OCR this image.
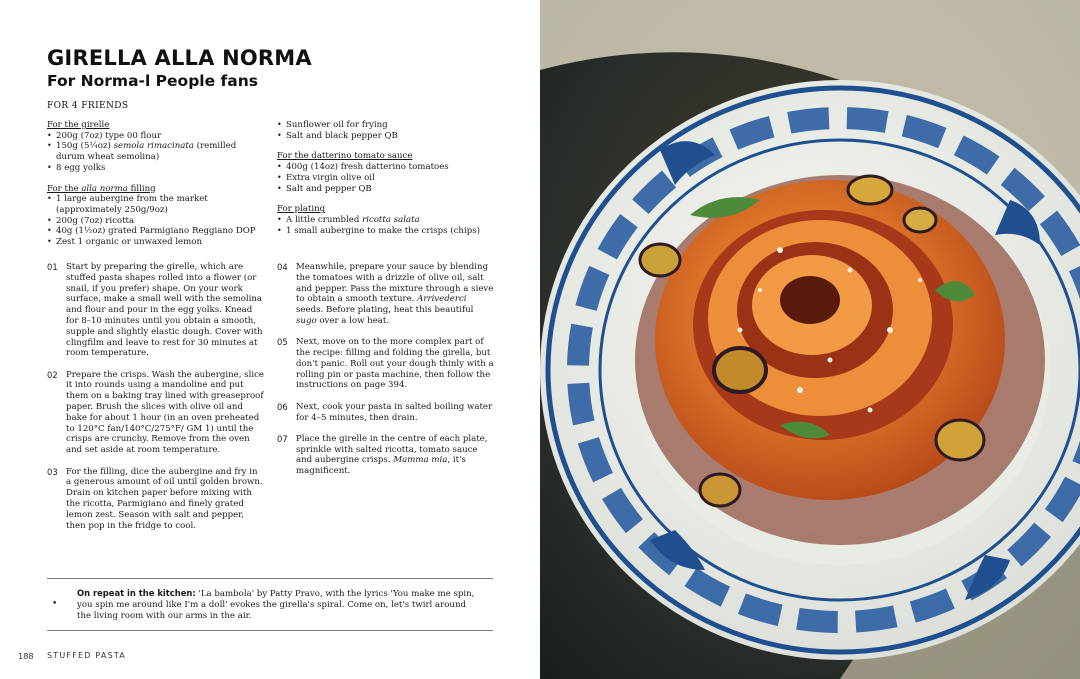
GIRELLA ALLA NORMA
For Norma-l People fans
FOR 4 FRIENDS
For the girelle
• 200g (7oz) type 00 flour
• 150g (5¼oz) semola rimacinata (remilled durum wheat semolina)
• 8 egg yolks
For the alla norma filling
• 1 large aubergine from the market (approximately 250g/9oz)
• 200g (7oz) ricotta
• 40g (1½oz) grated Parmigiano Reggiano DOP
• Zest 1 organic or unwaxed lemon
• Sunflower oil for frying
• Salt and black pepper QB
For the datterino tomato sauce
• 400g (14oz) fresh datterino tomatoes
• Extra virgin olive oil
• Salt and pepper QB
For plating
• A little crumbled ricotta salata
• 1 small aubergine to make the crisps (chips)
01 Start by preparing the girelle, which are stuffed pasta shapes rolled into a flower (or snail, if you prefer) shape. On your work surface, make a small well with the semolina and flour and pour in the egg yolks. Knead for 8–10 minutes until you obtain a smooth, supple and slightly elastic dough. Cover with clingfilm and leave to rest for 30 minutes at room temperature.
02 Prepare the crisps. Wash the aubergine, slice it into rounds using a mandoline and put them on a baking tray lined with greaseproof paper. Brush the slices with olive oil and bake for about 1 hour (in an oven preheated to 120°C fan/140°C/275°F/ GM 1) until the crisps are crunchy. Remove from the oven and set aside at room temperature.
03 For the filling, dice the aubergine and fry in a generous amount of oil until golden brown. Drain on kitchen paper before mixing with the ricotta, Parmigiano and finely grated lemon zest. Season with salt and pepper, then pop in the fridge to cool.
04 Meanwhile, prepare your sauce by blending the tomatoes with a drizzle of olive oil, salt and pepper. Pass the mixture through a sieve to obtain a smooth texture. Arrivederci seeds. Before plating, heat this beautiful sugo over a low heat.
05 Next, move on to the more complex part of the recipe: filling and folding the girella, but don't panic. Roll out your dough thinly with a rolling pin or pasta machine, then follow the instructions on page 394.
06 Next, cook your pasta in salted boiling water for 4–5 minutes, then drain.
07 Place the girelle in the centre of each plate, sprinkle with salted ricotta, tomato sauce and aubergine crisps. Mamma mia, it's magnificent.
•
On repeat in the kitchen: 'La bambola' by Patty Pravo, with the lyrics 'You make me spin, you spin me around like I'm a doll' evokes the girella's spiral. Come on, let's twirl around the living room with our arms in the air.
188 STUFFED PASTA
